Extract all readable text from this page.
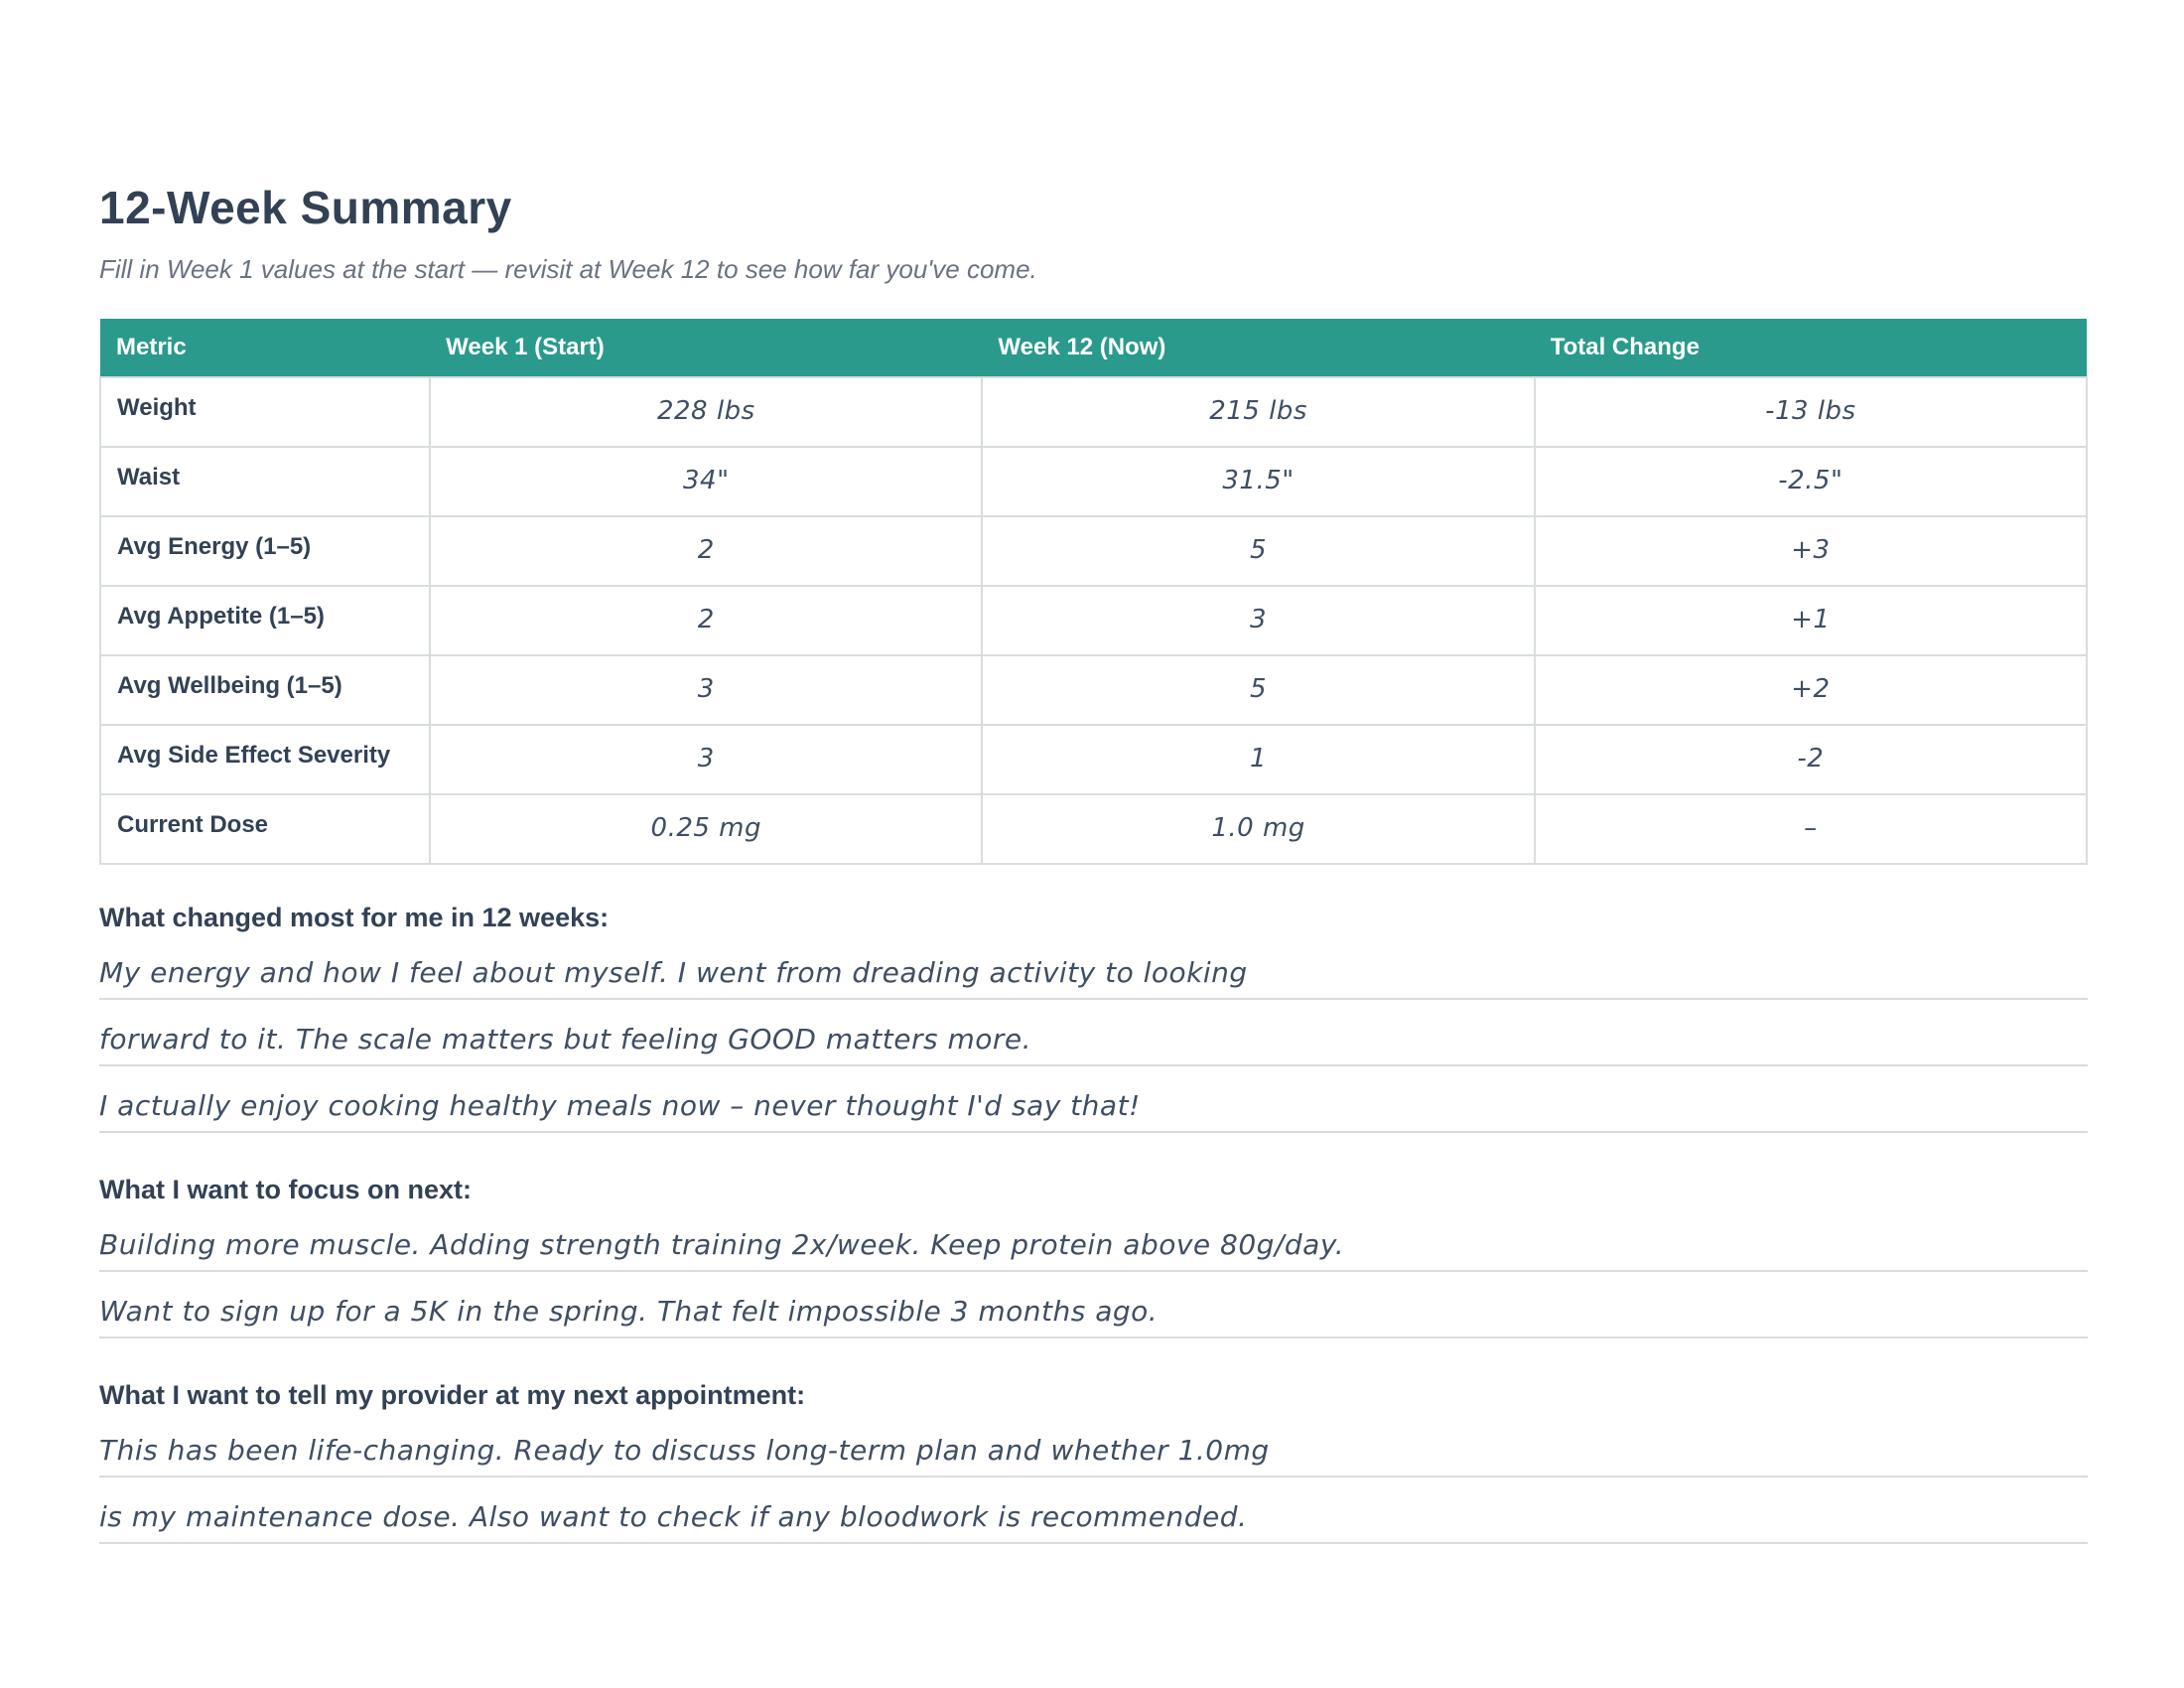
12-Week Summary

Fill in Week 1 values at the start — revisit at Week 12 to see how far you've come.

Metric	Week 1 (Start)	Week 12 (Now)	Total Change
Weight	228 lbs	215 lbs	-13 lbs
Waist	34"	31.5"	-2.5"
Avg Energy (1–5)	2	5	+3
Avg Appetite (1–5)	2	3	+1
Avg Wellbeing (1–5)	3	5	+2
Avg Side Effect Severity	3	1	-2
Current Dose	0.25 mg	1.0 mg	–
What changed most for me in 12 weeks:
My energy and how I feel about myself. I went from dreading activity to looking
forward to it. The scale matters but feeling GOOD matters more.
I actually enjoy cooking healthy meals now – never thought I'd say that!
What I want to focus on next:
Building more muscle. Adding strength training 2x/week. Keep protein above 80g/day.
Want to sign up for a 5K in the spring. That felt impossible 3 months ago.
What I want to tell my provider at my next appointment:
This has been life-changing. Ready to discuss long-term plan and whether 1.0mg
is my maintenance dose. Also want to check if any bloodwork is recommended.
